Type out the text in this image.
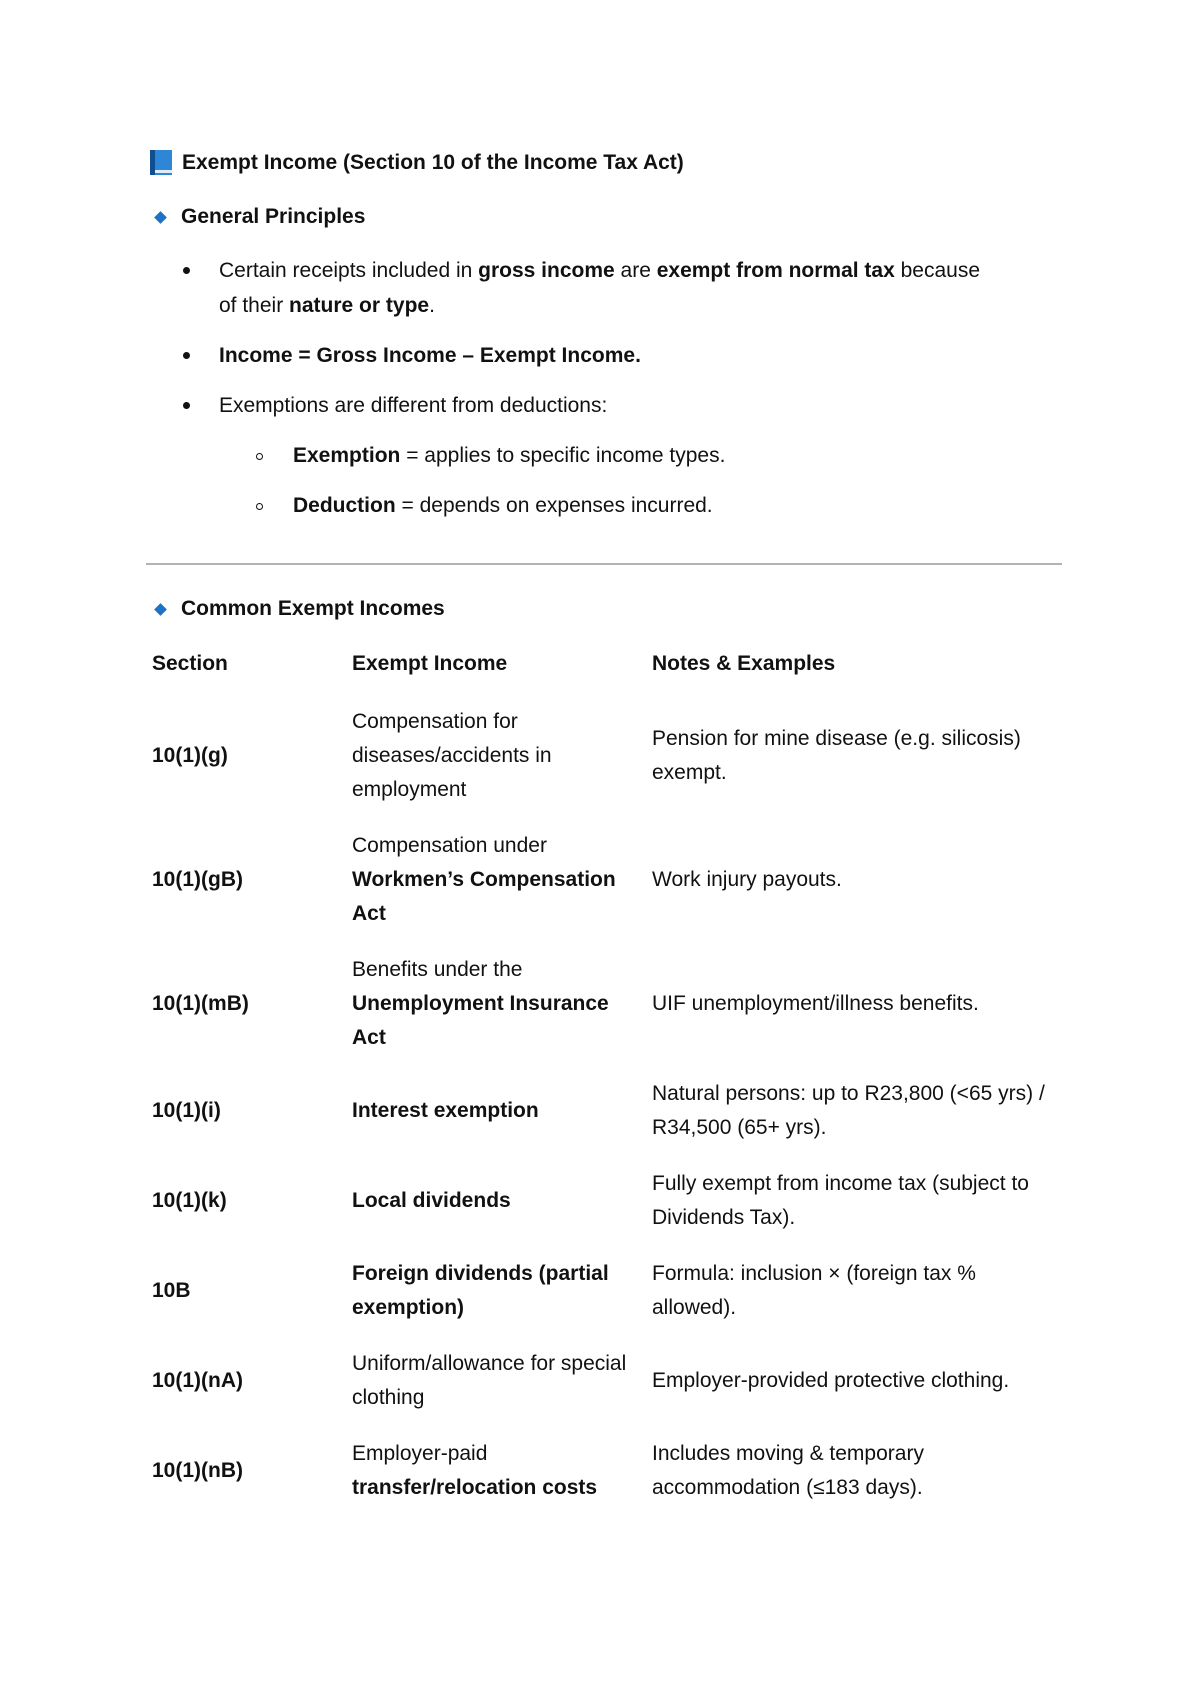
Exempt Income (Section 10 of the Income Tax Act)
General Principles
Certain receipts included in gross income are exempt from normal tax because of their nature or type.
Income = Gross Income – Exempt Income.
Exemptions are different from deductions:
Exemption = applies to specific income types.
Deduction = depends on expenses incurred.
Common Exempt Incomes
Section	Exempt Income	Notes & Examples
10(1)(g)	Compensation for diseases/accidents in employment	Pension for mine disease (e.g. silicosis) exempt.
10(1)(gB)	Compensation under Workmen’s Compensation Act	Work injury payouts.
10(1)(mB)	Benefits under the Unemployment Insurance Act	UIF unemployment/illness benefits.
10(1)(i)	Interest exemption	Natural persons: up to R23,800 (<65 yrs) / R34,500 (65+ yrs).
10(1)(k)	Local dividends	Fully exempt from income tax (subject to Dividends Tax).
10B	Foreign dividends (partial exemption)	Formula: inclusion × (foreign tax % allowed).
10(1)(nA)	Uniform/allowance for special clothing	Employer-provided protective clothing.
10(1)(nB)	Employer-paid transfer/relocation costs	Includes moving & temporary accommodation (≤183 days).
